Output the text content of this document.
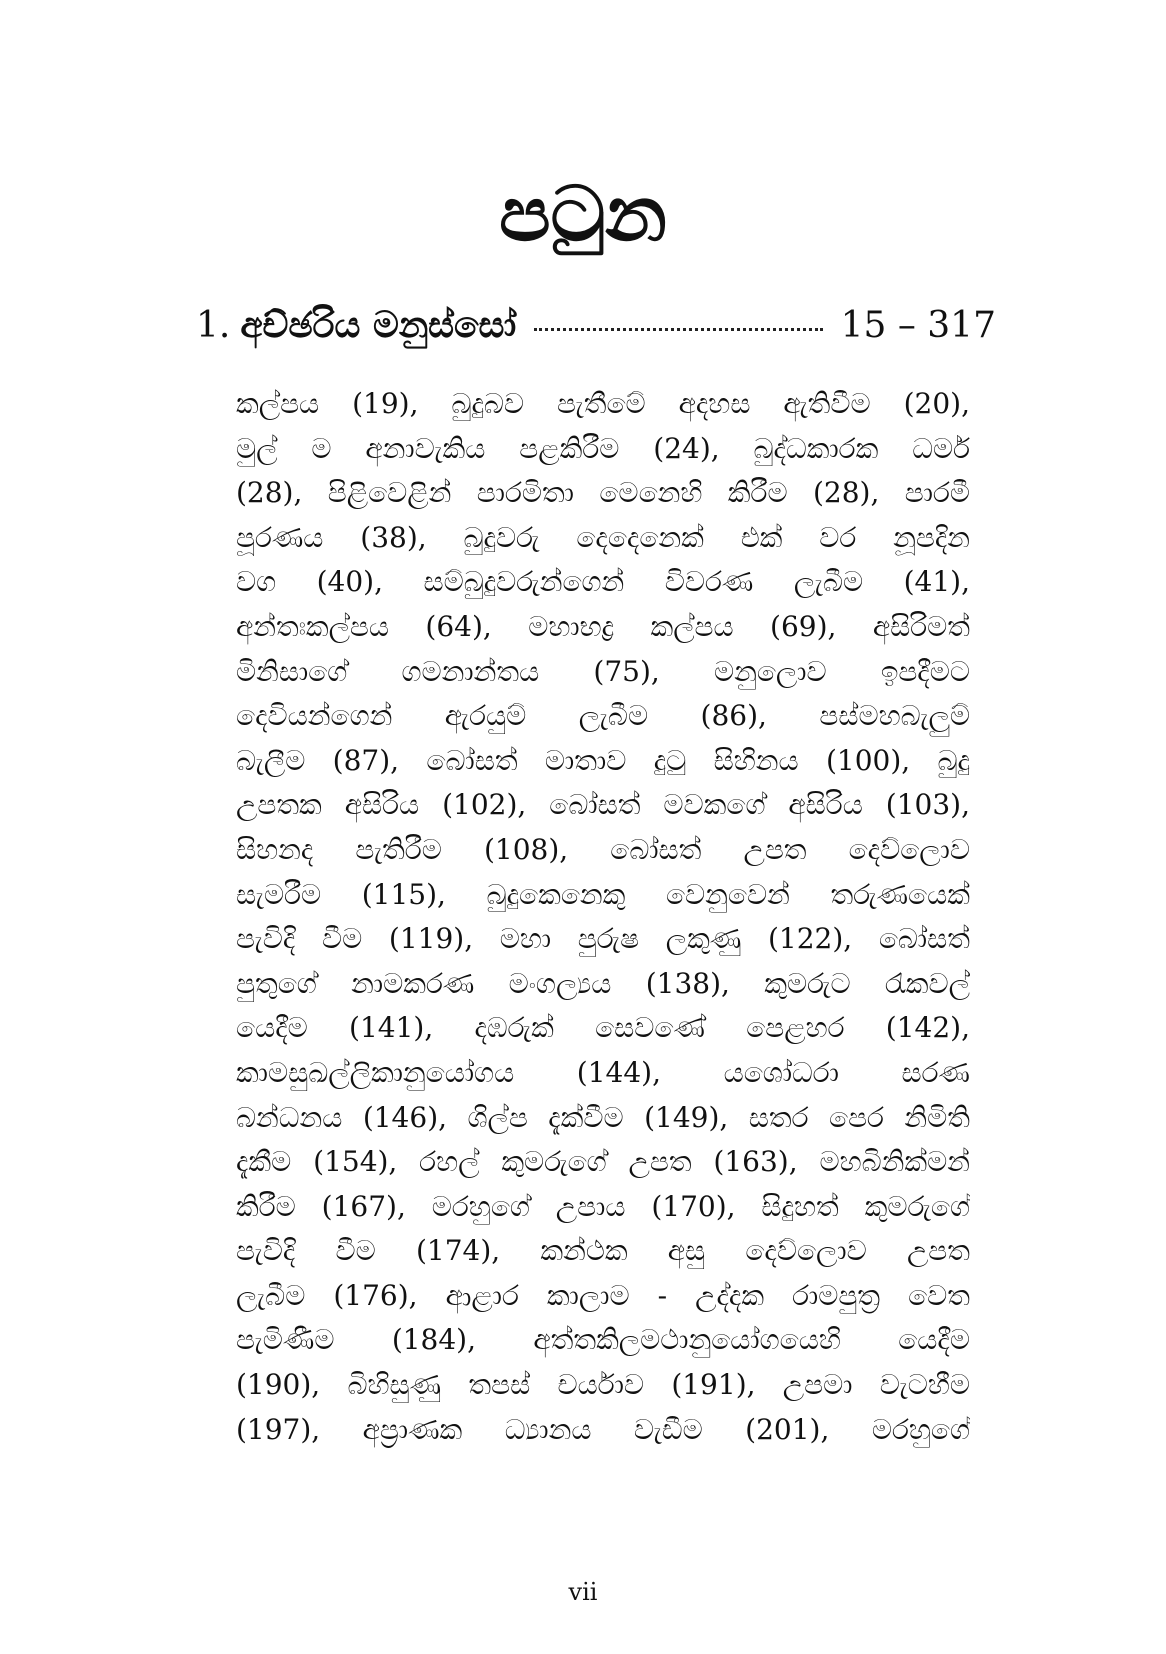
පටුන
1. අච්ඡරිය මනුස්සෝ	15 – 317
කල්පය (19), බුදුබව පැතීමේ අදහස ඇතිවීම (20),
මුල් ම අනාවැකිය පළකිරීම (24), බුද්ධකාරක ධර්ම
(28), පිළිවෙළින් පාරමිතා මෙනෙහි කිරීම (28), පාරමී
පූරණය (38), බුදුවරු දෙදෙනෙක් එක් වර නූපදින
වග (40), සම්බුදුවරුන්ගෙන් විවරණ ලැබීම (41),
අන්තඃකල්පය (64), මහාභද්‍ර කල්පය (69), අසිරිමත්
මිනිසාගේ ගමනාන්තය (75), මනුලොව ඉපදීමට
දෙවියන්ගෙන් ඇරයුම් ලැබීම (86), පස්මහබැලුම්
බැලීම (87), බෝසත් මාතාව දුටු සිහිනය (100), බුදු
උපතක අසිරිය (102), බෝසත් මවකගේ අසිරිය (103),
සිහනද පැතිරීම (108), බෝසත් උපත දෙව්ලොව
සැමරීම (115), බුදුකෙනෙකු වෙනුවෙන් තරුණයෙක්
පැවිදි වීම (119), මහා පුරුෂ ලකුණු (122), බෝසත්
පුතුගේ නාමකරණ මංගල්‍යය (138), කුමරුට රැකවල්
යෙදීම (141), දඹරුක් සෙවණේ පෙළහර (142),
කාමසුඛල්ලිකානුයෝගය (144), යශෝධරා සරණ
බන්ධනය (146), ශිල්ප දැක්වීම (149), සතර පෙර නිමිති
දැකීම (154), රහල් කුමරුගේ උපත (163), මහබිනික්මන්
කිරීම (167), මරහුගේ උපාය (170), සිදුහත් කුමරුගේ
පැවිදි වීම (174), කන්ථක අසු දෙව්ලොව උපත
ලැබීම (176), ආළාර කාලාම - උද්දක රාමපුත්‍ර වෙත
පැමිණීම (184), අත්තකිලමථානුයෝගයෙහි යෙදීම
(190), බිහිසුණු තපස් චර්යාව (191), උපමා වැටහීම
(197), අප්‍රාණක ධ්‍යානය වැඩීම (201), මරහුගේ
vii
